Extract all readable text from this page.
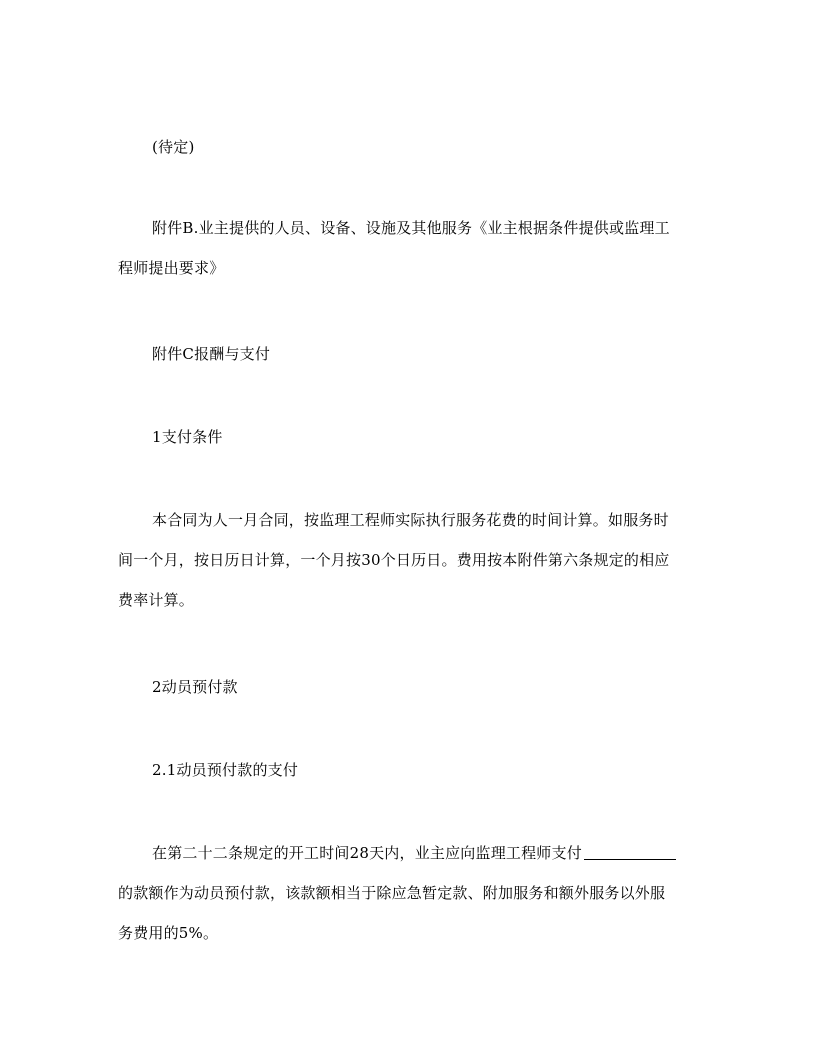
(待定)

附件B.业主提供的人员、设备、设施及其他服务《业主根据条件提供或监理工
程师提出要求》

附件C报酬与支付

1支付条件

本合同为人一月合同，按监理工程师实际执行服务花费的时间计算。如服务时
间一个月，按日历日计算，一个月按30个日历日。费用按本附件第六条规定的相应
费率计算。

2动员预付款

2.1动员预付款的支付

在第二十二条规定的开工时间28天内，业主应向监理工程师支付
的款额作为动员预付款，该款额相当于除应急暂定款、附加服务和额外服务以外服
务费用的5%。
